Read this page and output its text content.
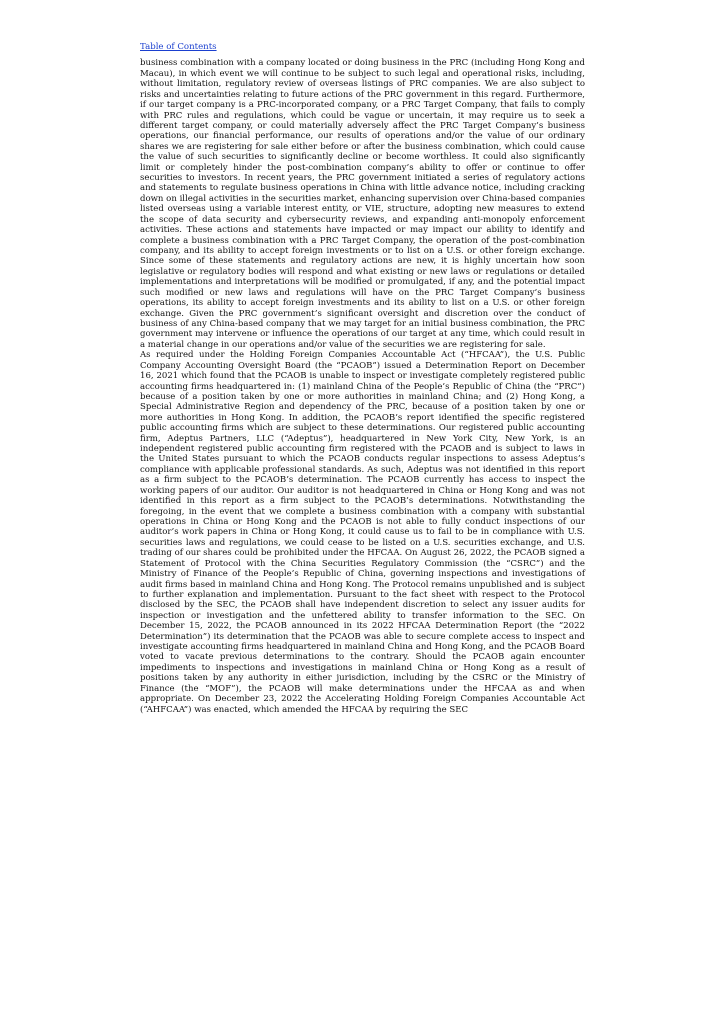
Table of Contents

business combination with a company located or doing business in the PRC (including Hong Kong and Macau), in which event we will continue to be subject to such legal and operational risks, including, without limitation, regulatory review of overseas listings of PRC companies. We are also subject to risks and uncertainties relating to future actions of the PRC government in this regard. Furthermore, if our target company is a PRC-incorporated company, or a PRC Target Company, that fails to comply with PRC rules and regulations, which could be vague or uncertain, it may require us to seek a different target company, or could materially adversely affect the PRC Target Company’s business operations, our financial performance, our results of operations and/or the value of our ordinary shares we are registering for sale either before or after the business combination, which could cause the value of such securities to significantly decline or become worthless. It could also significantly limit or completely hinder the post-combination company’s ability to offer or continue to offer securities to investors. In recent years, the PRC government initiated a series of regulatory actions and statements to regulate business operations in China with little advance notice, including cracking down on illegal activities in the securities market, enhancing supervision over China-based companies listed overseas using a variable interest entity, or VIE, structure, adopting new measures to extend the scope of data security and cybersecurity reviews, and expanding anti-monopoly enforcement activities. These actions and statements have impacted or may impact our ability to identify and complete a business combination with a PRC Target Company, the operation of the post-combination company, and its ability to accept foreign investments or to list on a U.S. or other foreign exchange. Since some of these statements and regulatory actions are new, it is highly uncertain how soon legislative or regulatory bodies will respond and what existing or new laws or regulations or detailed implementations and interpretations will be modified or promulgated, if any, and the potential impact such modified or new laws and regulations will have on the PRC Target Company’s business operations, its ability to accept foreign investments and its ability to list on a U.S. or other foreign exchange. Given the PRC government’s significant oversight and discretion over the conduct of business of any China-based company that we may target for an initial business combination, the PRC government may intervene or influence the operations of our target at any time, which could result in a material change in our operations and/or value of the securities we are registering for sale.

As required under the Holding Foreign Companies Accountable Act (“HFCAA”), the U.S. Public Company Accounting Oversight Board (the “PCAOB”) issued a Determination Report on December 16, 2021 which found that the PCAOB is unable to inspect or investigate completely registered public accounting firms headquartered in: (1) mainland China of the People’s Republic of China (the “PRC”) because of a position taken by one or more authorities in mainland China; and (2) Hong Kong, a Special Administrative Region and dependency of the PRC, because of a position taken by one or more authorities in Hong Kong. In addition, the PCAOB’s report identified the specific registered public accounting firms which are subject to these determinations. Our registered public accounting firm, Adeptus Partners, LLC (“Adeptus”), headquartered in New York City, New York, is an independent registered public accounting firm registered with the PCAOB and is subject to laws in the United States pursuant to which the PCAOB conducts regular inspections to assess Adeptus’s compliance with applicable professional standards. As such, Adeptus was not identified in this report as a firm subject to the PCAOB’s determination. The PCAOB currently has access to inspect the working papers of our auditor. Our auditor is not headquartered in China or Hong Kong and was not identified in this report as a firm subject to the PCAOB’s determinations. Notwithstanding the foregoing, in the event that we complete a business combination with a company with substantial operations in China or Hong Kong and the PCAOB is not able to fully conduct inspections of our auditor’s work papers in China or Hong Kong, it could cause us to fail to be in compliance with U.S. securities laws and regulations, we could cease to be listed on a U.S. securities exchange, and U.S. trading of our shares could be prohibited under the HFCAA. On August 26, 2022, the PCAOB signed a Statement of Protocol with the China Securities Regulatory Commission (the “CSRC”) and the Ministry of Finance of the People’s Republic of China, governing inspections and investigations of audit firms based in mainland China and Hong Kong. The Protocol remains unpublished and is subject to further explanation and implementation. Pursuant to the fact sheet with respect to the Protocol disclosed by the SEC, the PCAOB shall have independent discretion to select any issuer audits for inspection or investigation and the unfettered ability to transfer information to the SEC. On December 15, 2022, the PCAOB announced in its 2022 HFCAA Determination Report (the “2022 Determination”) its determination that the PCAOB was able to secure complete access to inspect and investigate accounting firms headquartered in mainland China and Hong Kong, and the PCAOB Board voted to vacate previous determinations to the contrary. Should the PCAOB again encounter impediments to inspections and investigations in mainland China or Hong Kong as a result of positions taken by any authority in either jurisdiction, including by the CSRC or the Ministry of Finance (the “MOF”), the PCAOB will make determinations under the HFCAA as and when appropriate. On December 23, 2022 the Accelerating Holding Foreign Companies Accountable Act (“AHFCAA”) was enacted, which amended the HFCAA by requiring the SEC
